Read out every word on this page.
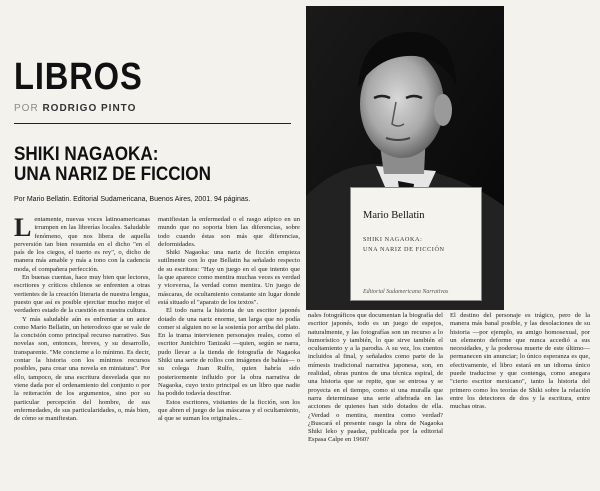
LIBROS
POR RODRIGO PINTO
SHIKI NAGAOKA:
UNA NARIZ DE FICCION
Por Mario Bellatin. Editorial Sudamericana, Buenos Aires, 2001. 94 páginas.

Lentamente, nuevas voces latinoamericanas irrumpen en las librerías locales. Saludable fenómeno, que nos libera de aquella perversión tan bien resumida en el dicho "en el país de los ciegos, el tuerto es rey", o, dicho de manera más amable y más a tono con la cadencia moda, el compañera perfección.

En buenas cuentas, hace muy bien que lectores, escritores y críticos chilenos se enfrenten a otras vertientes de la creación literaria de nuestra lengua, puesto que así es posible ejercitar mucho mejor el verdadero estado de la cuestión en nuestra cultura.

Y más saludable aún es enfrentar a un autor como Mario Bellatin, un heterodoxo que se vale de la concisión como principal recurso narrativo. Sus novelas son, entonces, breves, y su desarrollo, transparente. "Me concierne a lo mínimo. Es decir, contar la historia con los mínimos recursos posibles, para crear una novela en miniatura". Por ello, tampoco, de una escritura desvelada que no viene dada por el ordenamiento del conjunto o por la reiteración de los argumentos, sino por su particular percepción del hombre, de sus enfermedades, de sus particularidades, o, más bien, de cómo se manifiestan.

manifiestan la enfermedad o el rasgo atípico en un mundo que no soporta bien las diferencias, sobre todo cuando éstas son más que diferencias, deformidades.

Shiki Nagaoka: una nariz de ficción empieza sutilmente con lo que Bellatin ha señalado respecto de su escritura: "Hay un juego en el que intento que la que aparece como mentira muchas veces es verdad y viceversa, la verdad como mentira. Un juego de máscaras, de ocultamiento constante sin lugar donde está situado el "aparato de los textos".

El todo narra la historia de un escritor japonés dotado de una nariz enorme, tan larga que no podía comer si alguien no se la sostenía por arriba del plato. En la trama intervienen personajes reales, como el escritor Junichiro Tanizaki —quien, según se narra, pudo llevar a la tienda de fotografía de Nagaoka Shiki una serie de rollos con imágenes de bahías— o su colega Juan Rulfo, quien habría sido posteriormente influido por la obra narrativa de Nagaoka, cuyo texto principal es un libro que nadie ha podido todavía descifrar.

Estos escritores, visitantes de la ficción, son los que abren el juego de las máscaras y el ocultamiento, al que se suman los originales...

Mario Bellatin
SHIKI NAGAOKA:
UNA NARIZ DE FICCIÓN
Editorial Sudamericana Narrativas

nales fotográficos que documentan la biografía del escritor japonés, todo es un juego de espejos, naturalmente, y las fotografías son un recurso a lo humorístico y también, lo que sirve también el ocultamiento y a la parodia. A su vez, los cuentos incluidos al final, y señalados como parte de la mímesis tradicional narrativa japonesa, son, en realidad, obras puntos de una técnica espiral, de una historia que se repite, que se entrosa y se proyecta en el tiempo, como si una muralla que narra determinase una serie afiebrada en las acciones de quienes han sido dotados de ella. ¿Verdad o mentira, mentira como verdad? ¿Buscará el presente rasgo la obra de Nagaoka Shiki leko y paadaz, publicada por la editorial Espasa Calpe en 1960?

El destino del personaje es trágico, pero de la manera más banal posible, y las desolaciones de su historia —por ejemplo, su amigo homosexual, por un elemento deforme que nunca accedió a sus necesidades, y la poderosa muerte de este último— permanecen sin anunciar; lo único esperanza es que, efectivamente, el libro estará en un idioma único puede traducirse y que contenga, como anegara "cierto escritor mexicano", tanto la historia del primero como los teorías de Shiki sobre la relación entre los detectores de dos y la escritura, entre muchas otras.
